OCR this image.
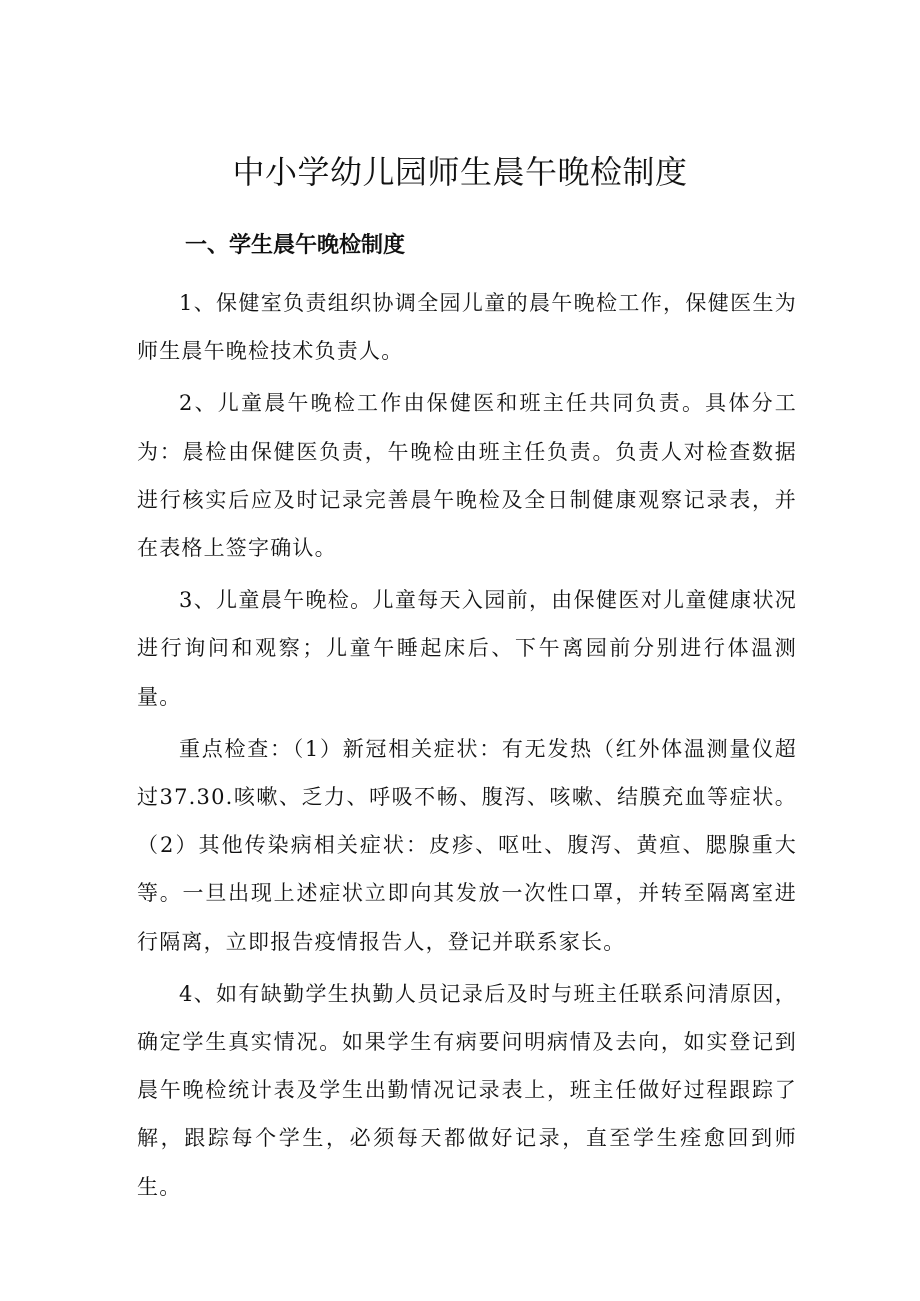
中小学幼儿园师生晨午晚检制度
一、学生晨午晚检制度

1、保健室负责组织协调全园儿童的晨午晚检工作，保健医生为师生晨午晚检技术负责人。

2、儿童晨午晚检工作由保健医和班主任共同负责。具体分工为：晨检由保健医负责，午晚检由班主任负责。负责人对检查数据进行核实后应及时记录完善晨午晚检及全日制健康观察记录表，并在表格上签字确认。

3、儿童晨午晚检。儿童每天入园前，由保健医对儿童健康状况进行询问和观察；儿童午睡起床后、下午离园前分别进行体温测量。

重点检查：（1）新冠相关症状：有无发热（红外体温测量仪超过37.30.咳嗽、乏力、呼吸不畅、腹泻、咳嗽、结膜充血等症状。（2）其他传染病相关症状：皮疹、呕吐、腹泻、黄疸、腮腺重大等。一旦出现上述症状立即向其发放一次性口罩，并转至隔离室进行隔离，立即报告疫情报告人，登记并联系家长。

4、如有缺勤学生执勤人员记录后及时与班主任联系问清原因，确定学生真实情况。如果学生有病要问明病情及去向，如实登记到晨午晚检统计表及学生出勤情况记录表上，班主任做好过程跟踪了解，跟踪每个学生，必须每天都做好记录，直至学生痊愈回到师生。
